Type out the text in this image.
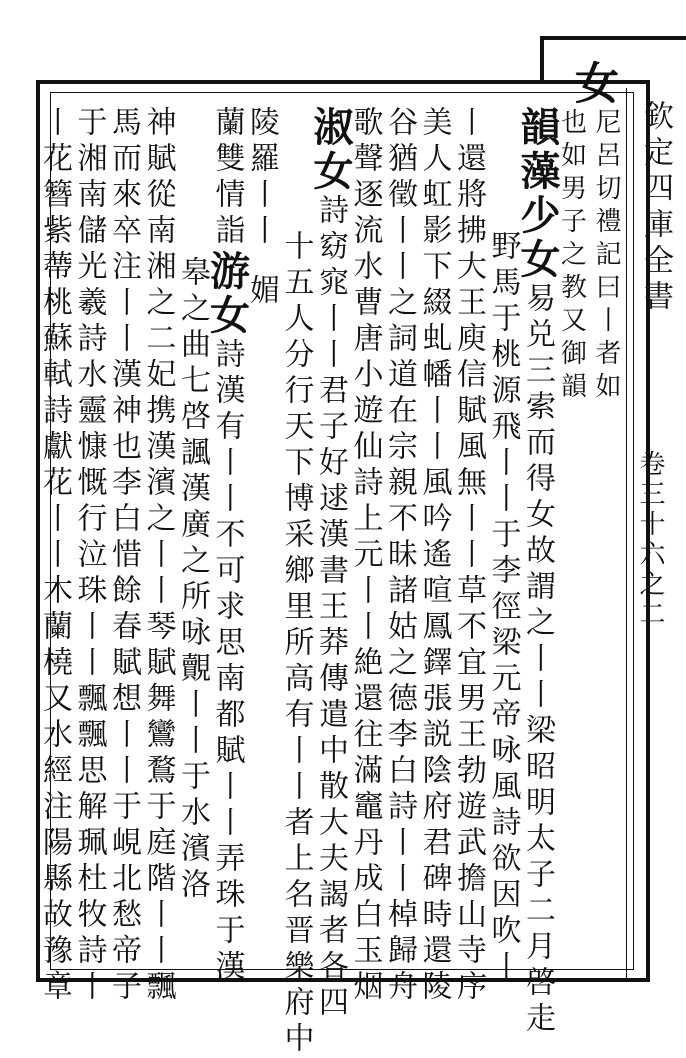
欽定四庫全書
卷三十六之二
女
尼呂切禮記曰丨者如
也如男子之教又御韻
韻藻少女易兑三索而得女故謂之丨丨梁昭明太子二月啓走
野馬于桃源飛丨丨于李徑梁元帝咏風詩欲因吹丨
丨還將拂大王庾信賦風無丨丨草不宜男王勃遊武擔山寺序
美人虹影下綴虬幡丨丨風吟遙喧鳳鐸張説陰府君碑時還陵
谷猶徵丨丨之詞道在宗親不昧諸姑之德李白詩丨丨棹歸舟
歌聲逐流水曹唐小遊仙詩上元丨丨絶還往滿竈丹成白玉烟
淑女詩窈窕丨丨君子好逑漢書王莽傳遣中散大夫謁者各四
十五人分行天下博采鄉里所高有丨丨者上名晋樂府中
陵羅丨丨媚
蘭雙情詣游女詩漢有丨丨不可求思南都賦丨丨弄珠于漢
皋之曲七啓諷漢廣之所咏覿丨丨于水濱洛
神賦從南湘之二妃携漢濱之丨丨琴賦舞鸞鶩于庭階丨丨飄
馬而來卒注丨丨漢神也李白惜餘春賦想丨丨于峴北愁帝子
于湘南儲光羲詩水靈慷慨行泣珠丨丨飄飄思解珮杜牧詩丨
丨花簪紫蔕桃蘇軾詩獻花丨丨木蘭橈又水經注陽縣故豫章
